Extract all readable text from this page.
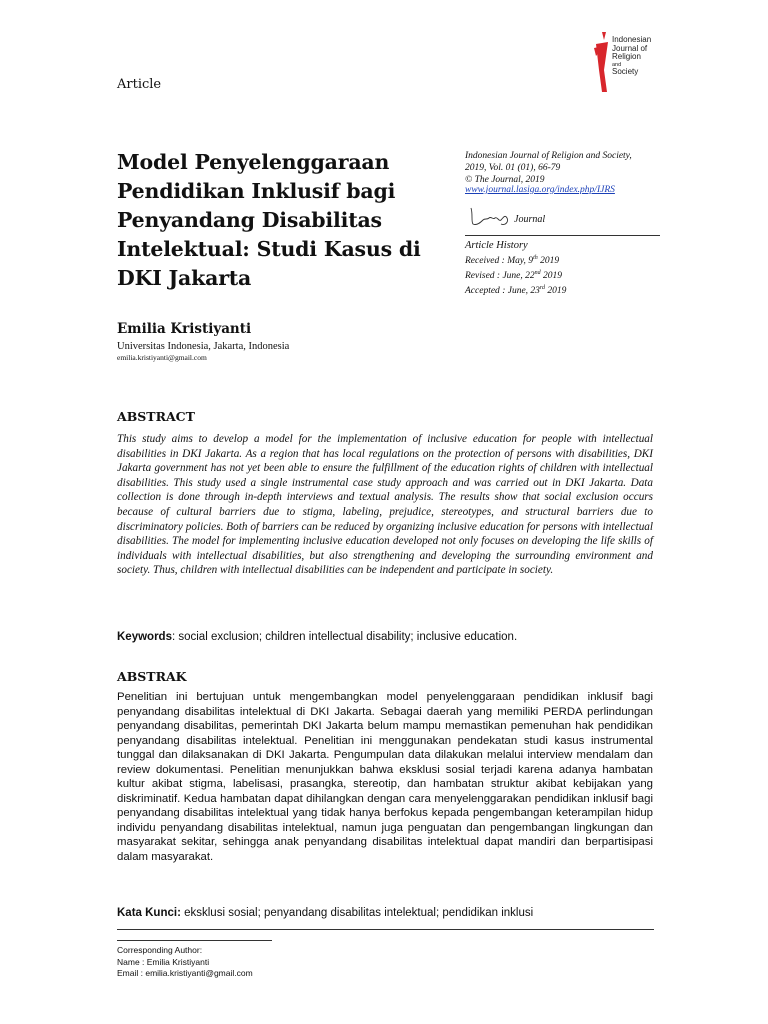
Article
Indonesian
Journal of
Religion
and
Society
Model Penyelenggaraan Pendidikan Inklusif bagi Penyandang Disabilitas Intelektual: Studi Kasus di DKI Jakarta
Indonesian Journal of Religion and Society,
2019, Vol. 01 (01), 66-79
© The Journal, 2019
www.journal.lasiga.org/index.php/IJRS
Journal
Article History
Received : May, 9th 2019
Revised : June, 22nd 2019
Accepted : June, 23rd 2019
Emilia Kristiyanti
Universitas Indonesia, Jakarta, Indonesia
emilia.kristiyanti@gmail.com
ABSTRACT
This study aims to develop a model for the implementation of inclusive education for people with intellectual disabilities in DKI Jakarta. As a region that has local regulations on the protection of persons with disabilities, DKI Jakarta government has not yet been able to ensure the fulfillment of the education rights of children with intellectual disabilities. This study used a single instrumental case study approach and was carried out in DKI Jakarta. Data collection is done through in-depth interviews and textual analysis. The results show that social exclusion occurs because of cultural barriers due to stigma, labeling, prejudice, stereotypes, and structural barriers due to discriminatory policies. Both of barriers can be reduced by organizing inclusive education for persons with intellectual disabilities. The model for implementing inclusive education developed not only focuses on developing the life skills of individuals with intellectual disabilities, but also strengthening and developing the surrounding environment and society. Thus, children with intellectual disabilities can be independent and participate in society.
Keywords: social exclusion; children intellectual disability; inclusive education.
ABSTRAK
Penelitian ini bertujuan untuk mengembangkan model penyelenggaraan pendidikan inklusif bagi penyandang disabilitas intelektual di DKI Jakarta. Sebagai daerah yang memiliki PERDA perlindungan penyandang disabilitas, pemerintah DKI Jakarta belum mampu memastikan pemenuhan hak pendidikan penyandang disabilitas intelektual. Penelitian ini menggunakan pendekatan studi kasus instrumental tunggal dan dilaksanakan di DKI Jakarta. Pengumpulan data dilakukan melalui interview mendalam dan review dokumentasi. Penelitian menunjukkan bahwa eksklusi sosial terjadi karena adanya hambatan kultur akibat stigma, labelisasi, prasangka, stereotip, dan hambatan struktur akibat kebijakan yang diskriminatif. Kedua hambatan dapat dihilangkan dengan cara menyelenggarakan pendidikan inklusif bagi penyandang disabilitas intelektual yang tidak hanya berfokus kepada pengembangan keterampilan hidup individu penyandang disabilitas intelektual, namun juga penguatan dan pengembangan lingkungan dan masyarakat sekitar, sehingga anak penyandang disabilitas intelektual dapat mandiri dan berpartisipasi dalam masyarakat.
Kata Kunci: eksklusi sosial; penyandang disabilitas intelektual; pendidikan inklusi
Corresponding Author:
Name : Emilia Kristiyanti
Email : emilia.kristiyanti@gmail.com
